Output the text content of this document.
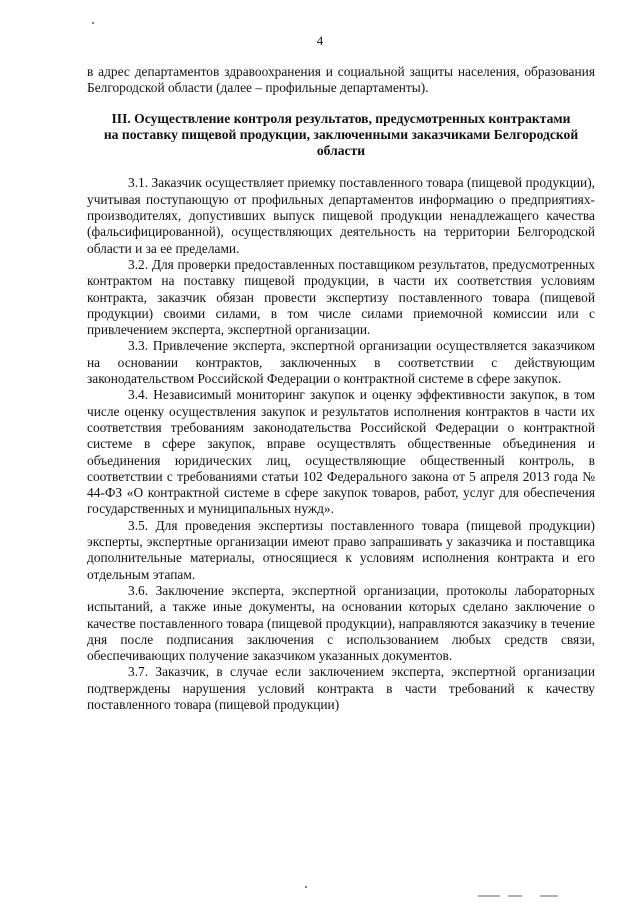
4

в адрес департаментов здравоохранения и социальной защиты населения, образования Белгородской области (далее – профильные департаменты).

III. Осуществление контроля результатов, предусмотренных контрактами на поставку пищевой продукции, заключенными заказчиками Белгородской области

3.1. Заказчик осуществляет приемку поставленного товара (пищевой продукции), учитывая поступающую от профильных департаментов информацию о предприятиях-производителях, допустивших выпуск пищевой продукции ненадлежащего качества (фальсифицированной), осуществляющих деятельность на территории Белгородской области и за ее пределами.

3.2. Для проверки предоставленных поставщиком результатов, предусмотренных контрактом на поставку пищевой продукции, в части их соответствия условиям контракта, заказчик обязан провести экспертизу поставленного товара (пищевой продукции) своими силами, в том числе силами приемочной комиссии или с привлечением эксперта, экспертной организации.

3.3. Привлечение эксперта, экспертной организации осуществляется заказчиком на основании контрактов, заключенных в соответствии с действующим законодательством Российской Федерации о контрактной системе в сфере закупок.

3.4. Независимый мониторинг закупок и оценку эффективности закупок, в том числе оценку осуществления закупок и результатов исполнения контрактов в части их соответствия требованиям законодательства Российской Федерации о контрактной системе в сфере закупок, вправе осуществлять общественные объединения и объединения юридических лиц, осуществляющие общественный контроль, в соответствии с требованиями статьи 102 Федерального закона от 5 апреля 2013 года № 44-ФЗ «О контрактной системе в сфере закупок товаров, работ, услуг для обеспечения государственных и муниципальных нужд».

3.5. Для проведения экспертизы поставленного товара (пищевой продукции) эксперты, экспертные организации имеют право запрашивать у заказчика и поставщика дополнительные материалы, относящиеся к условиям исполнения контракта и его отдельным этапам.

3.6. Заключение эксперта, экспертной организации, протоколы лабораторных испытаний, а также иные документы, на основании которых сделано заключение о качестве поставленного товара (пищевой продукции), направляются заказчику в течение дня после подписания заключения с использованием любых средств связи, обеспечивающих получение заказчиком указанных документов.

3.7. Заказчик, в случае если заключением эксперта, экспертной организации подтверждены нарушения условий контракта в части требований к качеству поставленного товара (пищевой продукции)
